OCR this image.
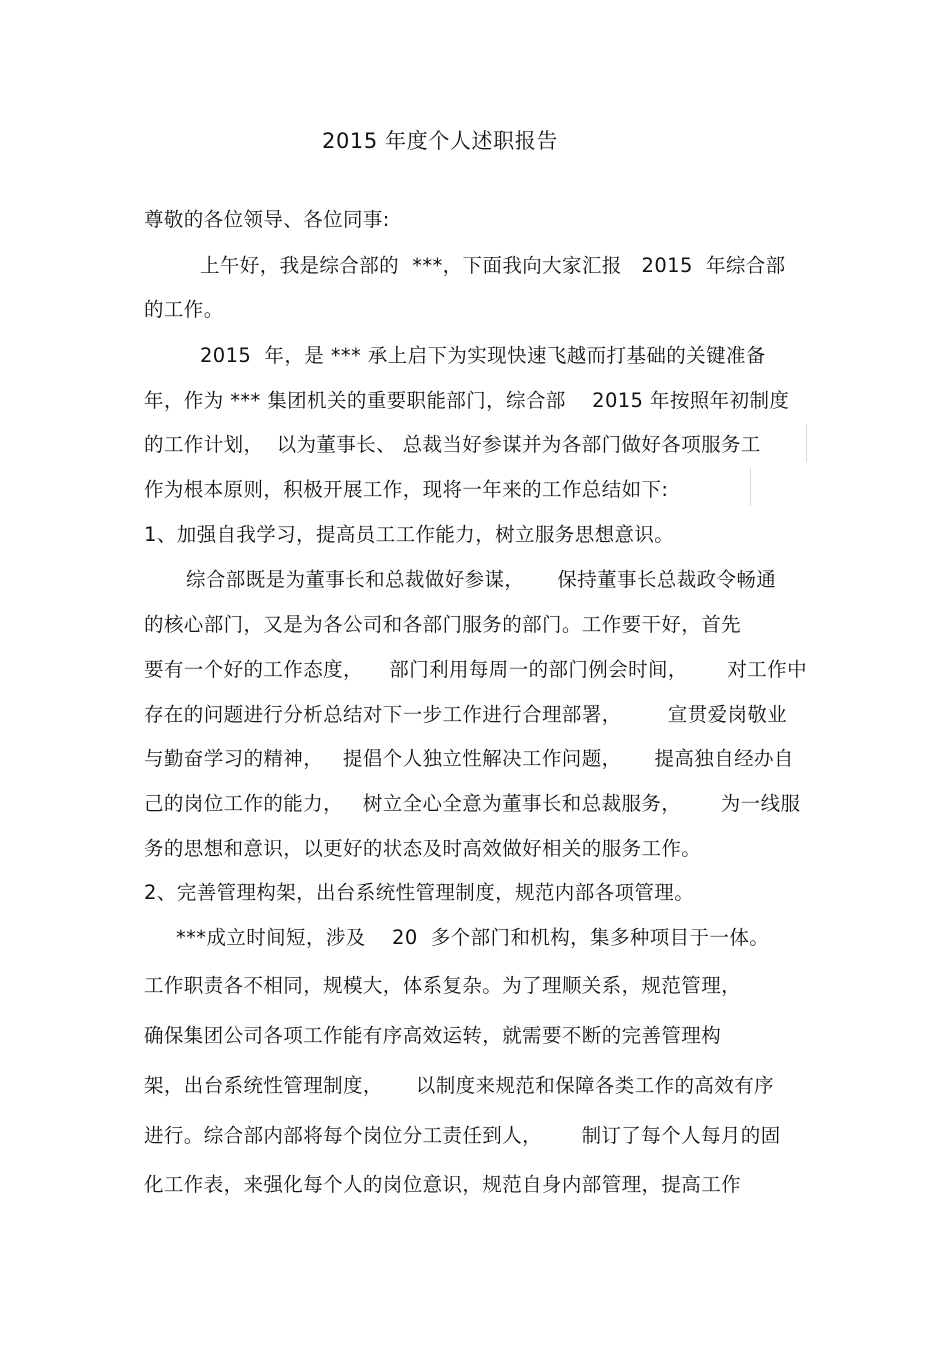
2015 年度个人述职报告
尊敬的各位领导、各位同事:
上午好，我是综合部的  ***，下面我向大家汇报   2015  年综合部
的工作。
2015  年，是 *** 承上启下为实现快速飞越而打基础的关键准备
年，作为 *** 集团机关的重要职能部门，综合部    2015 年按照年初制度
的工作计划，  以为董事长、 总裁当好参谋并为各部门做好各项服务工
作为根本原则，积极开展工作，现将一年来的工作总结如下:
1、加强自我学习，提高员工工作能力，树立服务思想意识。
综合部既是为董事长和总裁做好参谋，     保持董事长总裁政令畅通
的核心部门，又是为各公司和各部门服务的部门。工作要干好，首先
要有一个好的工作态度，    部门利用每周一的部门例会时间，      对工作中
存在的问题进行分析总结对下一步工作进行合理部署，       宣贯爱岗敬业
与勤奋学习的精神，   提倡个人独立性解决工作问题，     提高独自经办自
己的岗位工作的能力，   树立全心全意为董事长和总裁服务，      为一线服
务的思想和意识，以更好的状态及时高效做好相关的服务工作。
2、完善管理构架，出台系统性管理制度，规范内部各项管理。
***成立时间短，涉及    20  多个部门和机构，集多种项目于一体。
工作职责各不相同，规模大，体系复杂。为了理顺关系，规范管理，
确保集团公司各项工作能有序高效运转，就需要不断的完善管理构
架，出台系统性管理制度，     以制度来规范和保障各类工作的高效有序
进行。综合部内部将每个岗位分工责任到人，      制订了每个人每月的固
化工作表，来强化每个人的岗位意识，规范自身内部管理，提高工作
